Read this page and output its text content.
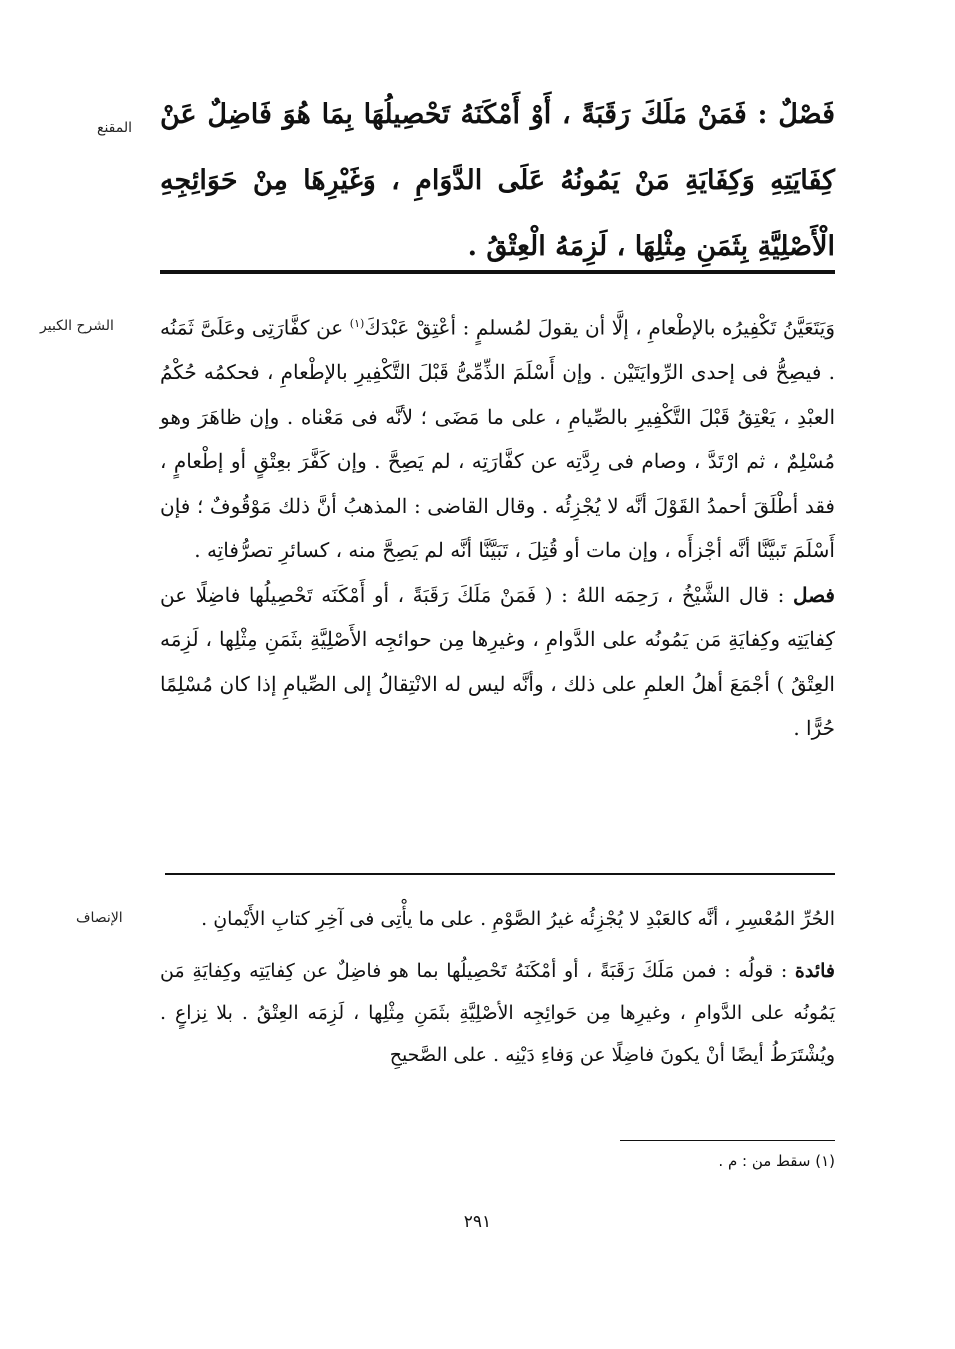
المقنع	فَصْلٌ : فَمَنْ مَلَكَ رَقَبَةً ، أَوْ أَمْكَنَهُ تَحْصِيلُهَا بِمَا هُوَ فَاضِلٌ عَنْ كِفَايَتِهِ وَكِفَايَةِ مَنْ يَمُونُهُ عَلَى الدَّوَامِ ، وَغَيْرِهَا مِنْ حَوَائِجِهِ الْأَصْلِيَّةِ بِثَمَنِ مِثْلِهَا ، لَزِمَهُ الْعِتْقُ .

الشرح الكبير	وَيَتَعَيَّنُ تَكْفِيرُه بالإطْعامِ ، إلَّا أن يقولَ لمُسلمٍ : أعْتِقْ عَبْدَكَ$^{(١)}$ عن كفَّارَتِى وعَلَىَّ ثَمَنُه . فيصِحُّ فى إحدى الرِّوايَتَيْن . وإن أَسْلَمَ الذِّمِّىُّ قَبْلَ التَّكْفِيرِ بالإطْعامِ ، فحكمُه حُكْمُ العبْدِ ، يَعْتِقُ قَبْلَ التَّكْفِيرِ بالصِّيامِ ، على ما مَضَى ؛ لأنَّه فى مَعْناه . وإن ظاهَرَ وهو مُسْلِمٌ ، ثم ارْتَدَّ ، وصام فى رِدَّتِه عن كفَّارَتِه ، لم يَصِحَّ . وإن كَفَّرَ بعِتْقٍ أو إطْعامٍ ، فقد أطْلَقَ أحمدُ القَوْلَ أنَّه لا يُجْزِئُه . وقال القاضى : المذهبُ أنَّ ذلك مَوْقُوفٌ ؛ فإن أَسْلَمَ تَبيَّنَّا أنَّه أجْزأَه ، وإن مات أو قُتِلَ ، تَبَيَّنَّا أنَّه لم يَصِحَّ منه ، كسائرِ تصرُّفاتِه .

فصل : قال الشَّيْخُ ، رَحِمَه اللهُ : ( فَمَنْ مَلَكَ رَقَبَةً ، أو أَمْكَنَه تَحْصِيلُها فاضِلًا عن كِفايَتِه وكِفايَةِ مَن يَمُونُه على الدَّوامِ ، وغيرِها مِن حوائجِه الأَصْلِيَّةِ بثَمَنِ مِثْلِها ، لَزِمَه العِتْقُ ) أجْمَعَ أهلُ العلمِ على ذلك ، وأنَّه ليس له الانْتِقالُ إلى الصِّيامِ إذا كان مُسْلِمًا حُرًّا .

الإنصاف	الحُرِّ المُعْسِرِ ، أنَّه كالعَبْدِ لا يُجْزِئُه غيرُ الصَّوْمِ . على ما يأْتِى فى آخِرِ كتابِ الأَيْمانِ .

فائدة : قولُه : فمن مَلَكَ رَقَبَةً ، أو أمْكَنَهُ تَحْصِيلُها بما هو فاضِلٌ عن كِفايَتِه وكِفايَةِ مَن يَمُونُه على الدَّوامِ ، وغيرِها مِن حَوائِجِه الأصْلِيَّةِ بثَمَنِ مِثْلِها ، لَزِمَه العِتْقُ . بلا نِزاعٍ . ويُشْتَرَطُ أيضًا أنْ يكونَ فاضِلًا عن وَفاءِ دَيْنِه . على الصَّحيحِ

(١) سقط من : م .
٢٩١
